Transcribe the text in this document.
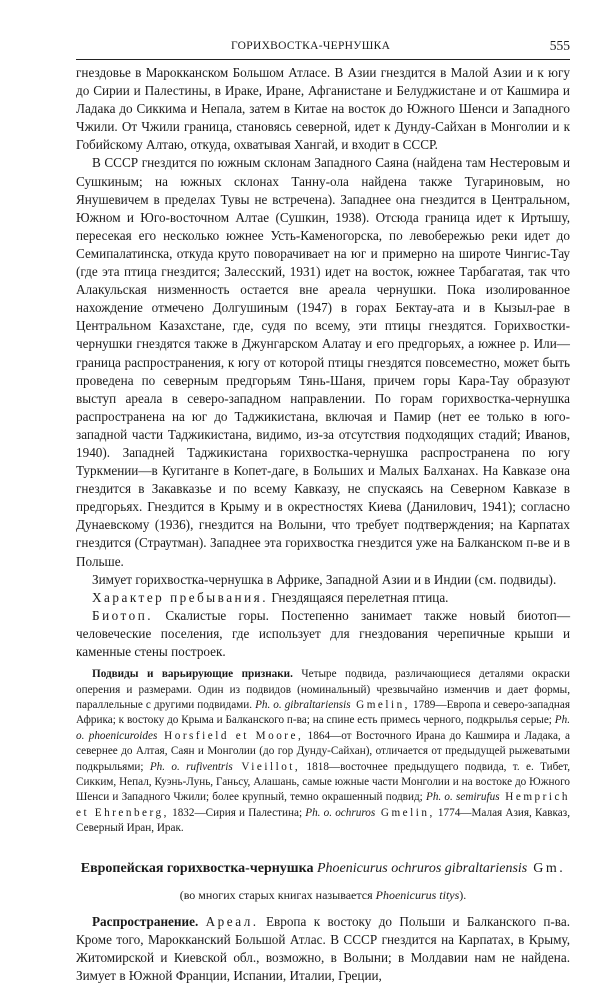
ГОРИХВОСТКА-ЧЕРНУШКА	555

гнездовье в Марокканском Большом Атласе. В Азии гнездится в Малой Азии и к югу до Сирии и Палестины, в Ираке, Иране, Афганистане и Белуджистане и от Кашмира и Ладака до Сиккима и Непала, затем в Китае на восток до Южного Шенси и Западного Чжили. От Чжили граница, становясь северной, идет к Дунду-Сайхан в Монголии и к Гобийскому Алтаю, откуда, охватывая Хангай, и входит в СССР.

В СССР гнездится по южным склонам Западного Саяна (найдена там Нестеровым и Сушкиным; на южных склонах Танну-ола найдена также Тугариновым, но Янушевичем в пределах Тувы не встречена). Западнее она гнездится в Центральном, Южном и Юго-восточном Алтае (Сушкин, 1938). Отсюда граница идет к Иртышу, пересекая его несколько южнее Усть-Каменогорска, по левобережью реки идет до Семипалатинска, откуда круто поворачивает на юг и примерно на широте Чингис-Тау (где эта птица гнездится; Залесский, 1931) идет на восток, южнее Тарбагатая, так что Алакульская низменность остается вне ареала чернушки. Пока изолированное нахождение отмечено Долгушиным (1947) в горах Бектау-ата и в Кызыл-рае в Центральном Казахстане, где, судя по всему, эти птицы гнездятся. Горихвостки-чернушки гнездятся также в Джунгарском Алатау и его предгорьях, а южнее р. Или—граница распространения, к югу от которой птицы гнездятся повсеместно, может быть проведена по северным предгорьям Тянь-Шаня, причем горы Кара-Тау образуют выступ ареала в северо-западном направлении. По горам горихвостка-чернушка распространена на юг до Таджикистана, включая и Памир (нет ее только в юго-западной части Таджикистана, видимо, из-за отсутствия подходящих стадий; Иванов, 1940). Западней Таджикистана горихвостка-чернушка распространена по югу Туркмении—в Кугитанге в Копет-даге, в Больших и Малых Балханах. На Кавказе она гнездится в Закавказье и по всему Кавказу, не спускаясь на Северном Кавказе в предгорьях. Гнездится в Крыму и в окрестностях Киева (Данилович, 1941); согласно Дунаевскому (1936), гнездится на Волыни, что требует подтверждения; на Карпатах гнездится (Страутман). Западнее эта горихвостка гнездится уже на Балканском п-ве и в Польше.

Зимует горихвостка-чернушка в Африке, Западной Азии и в Индии (см. подвиды).

Характер пребывания. Гнездящаяся перелетная птица.

Биотоп. Скалистые горы. Постепенно занимает также новый биотоп—человеческие поселения, где использует для гнездования черепичные крыши и каменные стены построек.

Подвиды и варьирующие признаки. Четыре подвида, различающиеся деталями окраски оперения и размерами. Один из подвидов (номинальный) чрезвычайно изменчив и дает формы, параллельные с другими подвидами. Ph. o. gibraltariensis Gmelin, 1789—Европа и северо-западная Африка; к востоку до Крыма и Балканского п-ва; на спине есть примесь черного, подкрылья серые; Ph. o. phoenicuroides Horsfield et Moore, 1864—от Восточного Ирана до Кашмира и Ладака, а севернее до Алтая, Саян и Монголии (до гор Дунду-Сайхан), отличается от предыдущей рыжеватыми подкрыльями; Ph. o. rufiventris Vieillot, 1818—восточнее предыдущего подвида, т. е. Тибет, Сикким, Непал, Куэнь-Лунь, Ганьсу, Алашань, самые южные части Монголии и на востоке до Южного Шенси и Западного Чжили; более крупный, темно окрашенный подвид; Ph. o. semirufus Hemprich et Ehrenberg, 1832—Сирия и Палестина; Ph. o. ochruros Gmelin, 1774—Малая Азия, Кавказ, Северный Иран, Ирак.

Европейская горихвостка-чернушка Phoenicurus ochruros gibraltariensis Gm.

(во многих старых книгах называется Phoenicurus titys).

Распространение. Ареал. Европа к востоку до Польши и Балканского п-ва. Кроме того, Марокканский Большой Атлас. В СССР гнездится на Карпатах, в Крыму, Житомирской и Киевской обл., возможно, в Волыни; в Молдавии нам не найдена. Зимует в Южной Франции, Испании, Италии, Греции,
